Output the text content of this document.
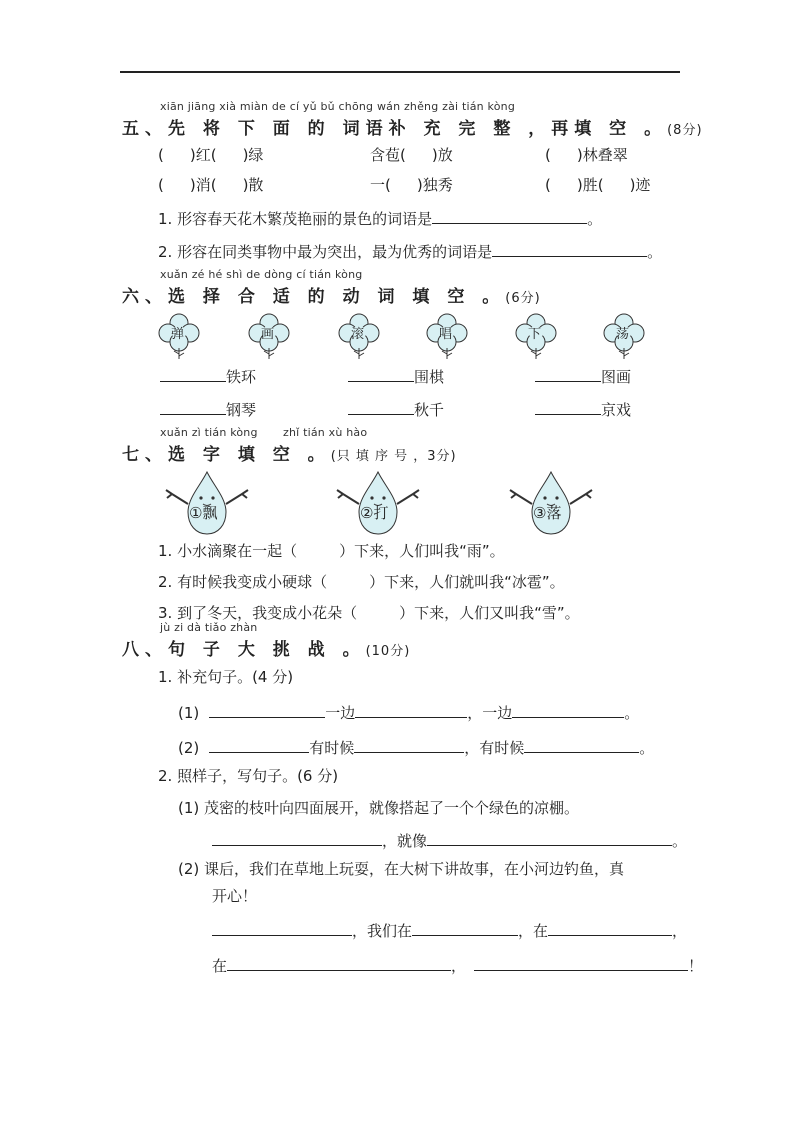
xiān jiāng xià miàn de cí yǔ bǔ chōng wán zhěng zài tián kòng
五、先 将 下 面 的 词语补 充 完 整 ，再填 空 。(8分)
( )红( )绿	含苞( )放	( )林叠翠
( )消( )散	一( )独秀	( )胜( )迹
1. 形容春天花木繁茂艳丽的景色的词语是	。
2. 形容在同类事物中最为突出，最为优秀的词语是	。
xuǎn zé hé shì de dòng cí tián kòng
六、选 择 合 适 的 动 词 填 空 。(6分)
弹	画	滚	唱	下	荡
铁环	围棋	图画
钢琴	秋千	京戏
xuǎn zì tián kòng zhǐ tián xù hào
七、选 字 填 空 。(只 填 序 号 ，3分)
①飘	②打	③落
1. 小水滴聚在一起（	）下来，人们叫我“雨”。
2. 有时候我变成小硬球（	）下来，人们就叫我“冰雹”。
3. 到了冬天，我变成小花朵（	）下来，人们又叫我“雪”。
jù zi dà tiǎo zhàn
八、句 子 大 挑 战 。(10分)
1. 补充句子。(4 分)
(1)	一边	，一边	。
(2)	有时候	，有时候	。
2. 照样子，写句子。(6 分)
(1) 茂密的枝叶向四面展开，就像搭起了一个个绿色的凉棚。
，就像	。
(2) 课后，我们在草地上玩耍，在大树下讲故事，在小河边钓鱼，真
开心！
，我们在	，在	，
在	，	！
